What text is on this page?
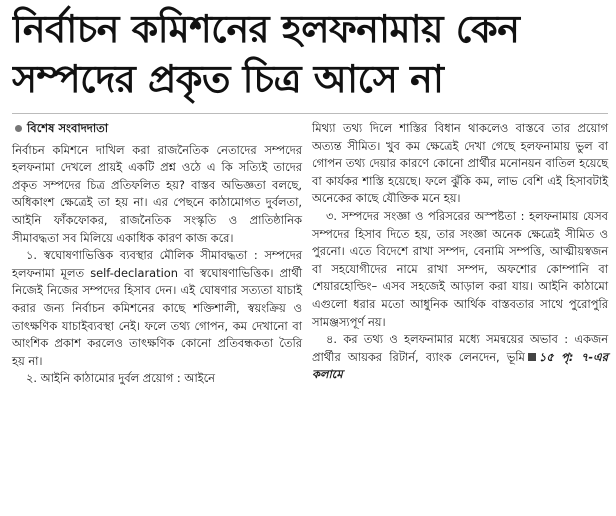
নির্বাচন কমিশনের হলফনামায় কেন
সম্পদের প্রকৃত চিত্র আসে না

বিশেষ সংবাদদাতা

নির্বাচন কমিশনে দাখিল করা রাজনৈতিক নেতাদের সম্পদের হলফনামা দেখলে প্রায়ই একটি প্রশ্ন ওঠে এ কি সত্যিই তাদের প্রকৃত সম্পদের চিত্র প্রতিফলিত হয়? বাস্তব অভিজ্ঞতা বলছে, অধিকাংশ ক্ষেত্রেই তা হয় না। এর পেছনে কাঠামোগত দুর্বলতা, আইনি ফাঁকফোকর, রাজনৈতিক সংস্কৃতি ও প্রাতিষ্ঠানিক সীমাবদ্ধতা সব মিলিয়ে একাধিক কারণ কাজ করে।

১. স্বঘোষণাভিত্তিক ব্যবস্থার মৌলিক সীমাবদ্ধতা : সম্পদের হলফনামা মূলত self-declaration বা স্বঘোষণাভিত্তিক। প্রার্থী নিজেই নিজের সম্পদের হিসাব দেন। এই ঘোষণার সত্যতা যাচাই করার জন্য নির্বাচন কমিশনের কাছে শক্তিশালী, স্বয়ংক্রিয় ও তাৎক্ষণিক যাচাইব্যবস্থা নেই। ফলে তথ্য গোপন, কম দেখানো বা আংশিক প্রকাশ করলেও তাৎক্ষণিক কোনো প্রতিবন্ধকতা তৈরি হয় না।

২. আইনি কাঠামোর দুর্বল প্রয়োগ : আইনে

মিথ্যা তথ্য দিলে শাস্তির বিধান থাকলেও বাস্তবে তার প্রয়োগ অত্যন্ত সীমিত। খুব কম ক্ষেত্রেই দেখা গেছে হলফনামায় ভুল বা গোপন তথ্য দেয়ার কারণে কোনো প্রার্থীর মনোনয়ন বাতিল হয়েছে বা কার্যকর শাস্তি হয়েছে। ফলে ঝুঁকি কম, লাভ বেশি এই হিসাবটাই অনেকের কাছে যৌক্তিক মনে হয়।

৩. সম্পদের সংজ্ঞা ও পরিসরের অস্পষ্টতা : হলফনামায় যেসব সম্পদের হিসাব দিতে হয়, তার সংজ্ঞা অনেক ক্ষেত্রেই সীমিত ও পুরনো। এতে বিদেশে রাখা সম্পদ, বেনামি সম্পত্তি, আত্মীয়স্বজন বা সহযোগীদের নামে রাখা সম্পদ, অফশোর কোম্পানি বা শেয়ারহোল্ডিং– এসব সহজেই আড়াল করা যায়। আইনি কাঠামো এগুলো ধরার মতো আধুনিক আর্থিক বাস্তবতার সাথে পুরোপুরি সামঞ্জস্যপূর্ণ নয়।

৪. কর তথ্য ও হলফনামার মধ্যে সমন্বয়ের অভাব : একজন প্রার্থীর আয়কর রিটার্ন, ব্যাংক লেনদেন, ভূমি ১৫ পৃ: ৭-এর কলামে
